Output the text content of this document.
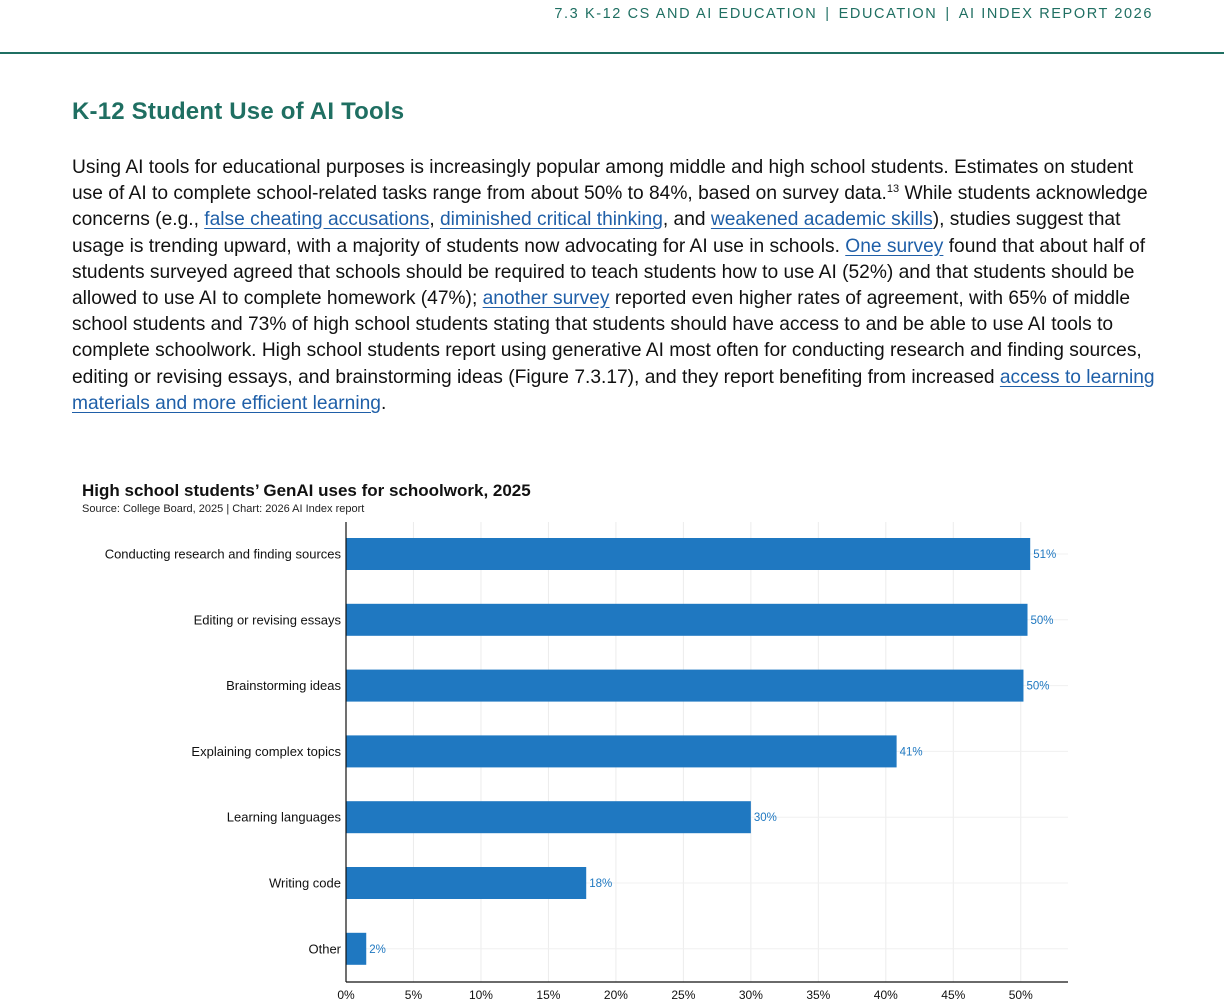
7.3 K-12 CS AND AI EDUCATION | EDUCATION | AI INDEX REPORT 2026
K-12 Student Use of AI Tools

Using AI tools for educational purposes is increasingly popular among middle and high school students. Estimates on student use of AI to complete school-related tasks range from about 50% to 84%, based on survey data.$^{13}$ While students acknowledge concerns (e.g., false cheating accusations, diminished critical thinking, and weakened academic skills), studies suggest that usage is trending upward, with a majority of students now advocating for AI use in schools. One survey found that about half of students surveyed agreed that schools should be required to teach students how to use AI (52%) and that students should be allowed to use AI to complete homework (47%); another survey reported even higher rates of agreement, with 65% of middle school students and 73% of high school students stating that students should have access to and be able to use AI tools to complete schoolwork. High school students report using generative AI most often for conducting research and finding sources, editing or revising essays, and brainstorming ideas (Figure 7.3.17), and they report benefiting from increased access to learning materials and more efficient learning.

High school students’ GenAI uses for schoolwork, 2025
Source: College Board, 2025 | Chart: 2026 AI Index report
0%	5%	10%	15%	20%	25%	30%	35%	40%	45%	50%
Conducting research and finding sources	51%
Editing or revising essays	50%
Brainstorming ideas	50%
Explaining complex topics	41%
Learning languages	30%
Writing code	18%
Other 2%
